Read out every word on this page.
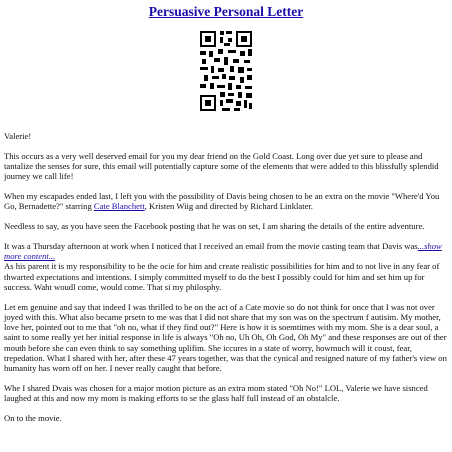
Persuasive Personal Letter

Valerie!

This occurs as a very well deserved email for you my dear friend on the Gold Coast. Long over due yet sure to please and tantalize the senses for sure, this email will potentially capture some of the elements that were added to this blissfully splendid journey we call life!

When my escapades ended last, I left you with the possibility of Davis being chosen to be an extra on the movie "Where'd You Go, Bernadette?" starring Cate Blanchett, Kristen Wiig and directed by Richard Linklater.

Needless to say, as you have seen the Facebook posting that he was on set, I am sharing the details of the entire adventure.

It was a Thursday afternoon at work when I noticed that I received an email from the movie casting team that Davis was...show more content...
As his parent it is my responsibility to be the ocie for him and create realistic possibilities for him and to not live in any fear of thwarted expectations and intentions. I simply committed myself to do the best I possibly could for him and set him up for success. Waht woudl come, would come. That si my philosphy.

Let em genuine and say that indeed I was thrilled to be on the act of a Cate movie so do not think for once that I was not over joyed with this. What also became prsetn to me was that I did not share that my son was on the spectrum f autisim. My mother, love her, pointed out to me that "oh no, what if they find out?" Here is how it is soemtimes with my mom. She is a dear soul, a saint to some really yet her initial response in life is always "Oh no, Uh Oh, Oh God, Oh My" and these responses are out of ther mouth before she can even think to say something uplifim. She iccures in a state of worry, howmuch will it coust, fear, trepedation. What I shared with her, after these 47 years together, was that the cynical and resigned nature of my father's view on humanity has worn off on her. I never really caught that before.

Whe I shared Dvais was chosen for a major motion picture as an extra mom stated "Oh No!" LOL, Valerie we have sisnced laughed at this and now my mom is making efforts to se the glass half full instead of an obstalcle.

On to the movie.
